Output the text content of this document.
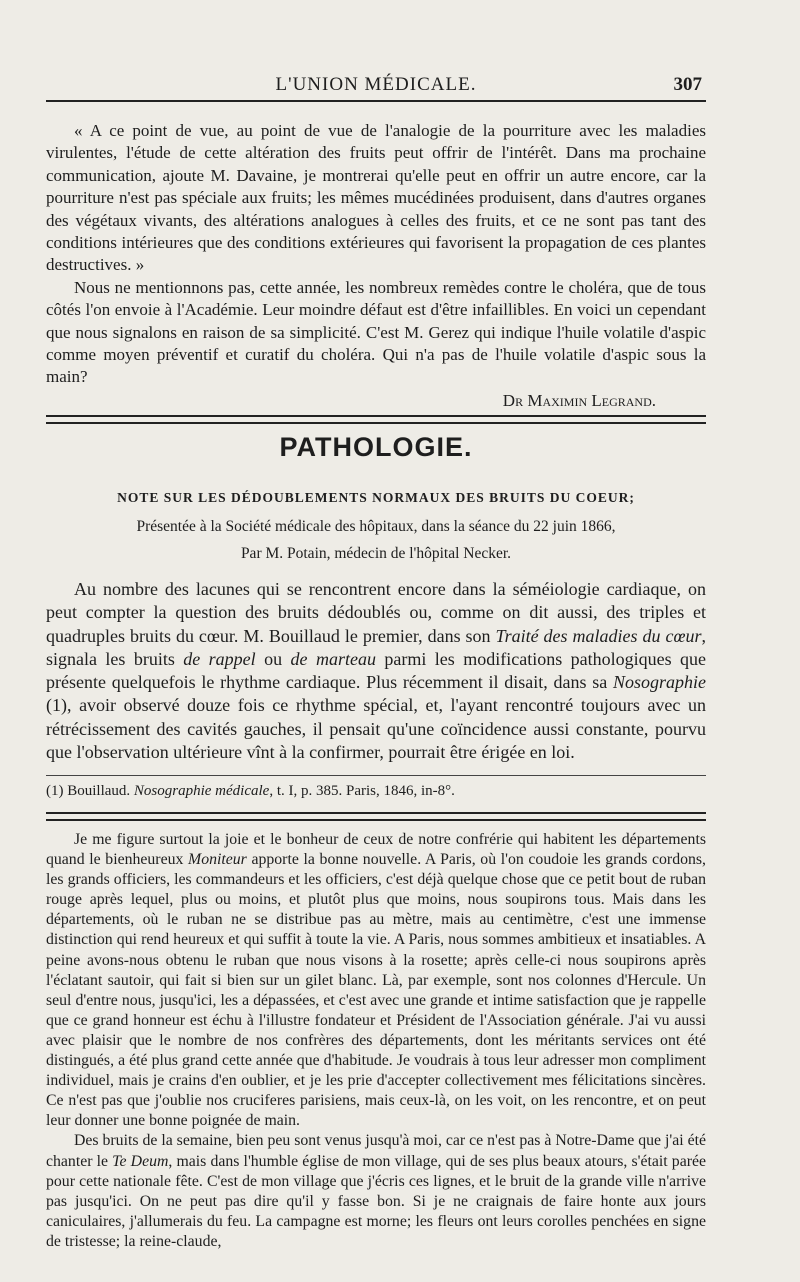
L'UNION MÉDICALE.	307

« A ce point de vue, au point de vue de l'analogie de la pourriture avec les maladies virulentes, l'étude de cette altération des fruits peut offrir de l'intérêt. Dans ma prochaine communication, ajoute M. Davaine, je montrerai qu'elle peut en offrir un autre encore, car la pourriture n'est pas spéciale aux fruits; les mêmes mucédinées produisent, dans d'autres organes des végétaux vivants, des altérations analogues à celles des fruits, et ce ne sont pas tant des conditions intérieures que des conditions extérieures qui favorisent la propagation de ces plantes destructives. »

Nous ne mentionnons pas, cette année, les nombreux remèdes contre le choléra, que de tous côtés l'on envoie à l'Académie. Leur moindre défaut est d'être infaillibles. En voici un cependant que nous signalons en raison de sa simplicité. C'est M. Gerez qui indique l'huile volatile d'aspic comme moyen préventif et curatif du choléra. Qui n'a pas de l'huile volatile d'aspic sous la main?

Dr Maximin Legrand.
PATHOLOGIE.
NOTE SUR LES DÉDOUBLEMENTS NORMAUX DES BRUITS DU COEUR;
Présentée à la Société médicale des hôpitaux, dans la séance du 22 juin 1866,
Par M. Potain, médecin de l'hôpital Necker.

Au nombre des lacunes qui se rencontrent encore dans la séméiologie cardiaque, on peut compter la question des bruits dédoublés ou, comme on dit aussi, des triples et quadruples bruits du cœur. M. Bouillaud le premier, dans son Traité des maladies du cœur, signala les bruits de rappel ou de marteau parmi les modifications pathologiques que présente quelquefois le rhythme cardiaque. Plus récemment il disait, dans sa Nosographie (1), avoir observé douze fois ce rhythme spécial, et, l'ayant rencontré toujours avec un rétrécissement des cavités gauches, il pensait qu'une coïncidence aussi constante, pourvu que l'observation ultérieure vînt à la confirmer, pourrait être érigée en loi.

(1) Bouillaud. Nosographie médicale, t. I, p. 385. Paris, 1846, in-8°.

Je me figure surtout la joie et le bonheur de ceux de notre confrérie qui habitent les départements quand le bienheureux Moniteur apporte la bonne nouvelle. A Paris, où l'on coudoie les grands cordons, les grands officiers, les commandeurs et les officiers, c'est déjà quelque chose que ce petit bout de ruban rouge après lequel, plus ou moins, et plutôt plus que moins, nous soupirons tous. Mais dans les départements, où le ruban ne se distribue pas au mètre, mais au centimètre, c'est une immense distinction qui rend heureux et qui suffit à toute la vie. A Paris, nous sommes ambitieux et insatiables. A peine avons-nous obtenu le ruban que nous visons à la rosette; après celle-ci nous soupirons après l'éclatant sautoir, qui fait si bien sur un gilet blanc. Là, par exemple, sont nos colonnes d'Hercule. Un seul d'entre nous, jusqu'ici, les a dépassées, et c'est avec une grande et intime satisfaction que je rappelle que ce grand honneur est échu à l'illustre fondateur et Président de l'Association générale. J'ai vu aussi avec plaisir que le nombre de nos confrères des départements, dont les méritants services ont été distingués, a été plus grand cette année que d'habitude. Je voudrais à tous leur adresser mon compliment individuel, mais je crains d'en oublier, et je les prie d'accepter collectivement mes félicitations sincères. Ce n'est pas que j'oublie nos cruciferes parisiens, mais ceux-là, on les voit, on les rencontre, et on peut leur donner une bonne poignée de main.

Des bruits de la semaine, bien peu sont venus jusqu'à moi, car ce n'est pas à Notre-Dame que j'ai été chanter le Te Deum, mais dans l'humble église de mon village, qui de ses plus beaux atours, s'était parée pour cette nationale fête. C'est de mon village que j'écris ces lignes, et le bruit de la grande ville n'arrive pas jusqu'ici. On ne peut pas dire qu'il y fasse bon. Si je ne craignais de faire honte aux jours caniculaires, j'allumerais du feu. La campagne est morne; les fleurs ont leurs corolles penchées en signe de tristesse; la reine-claude,
